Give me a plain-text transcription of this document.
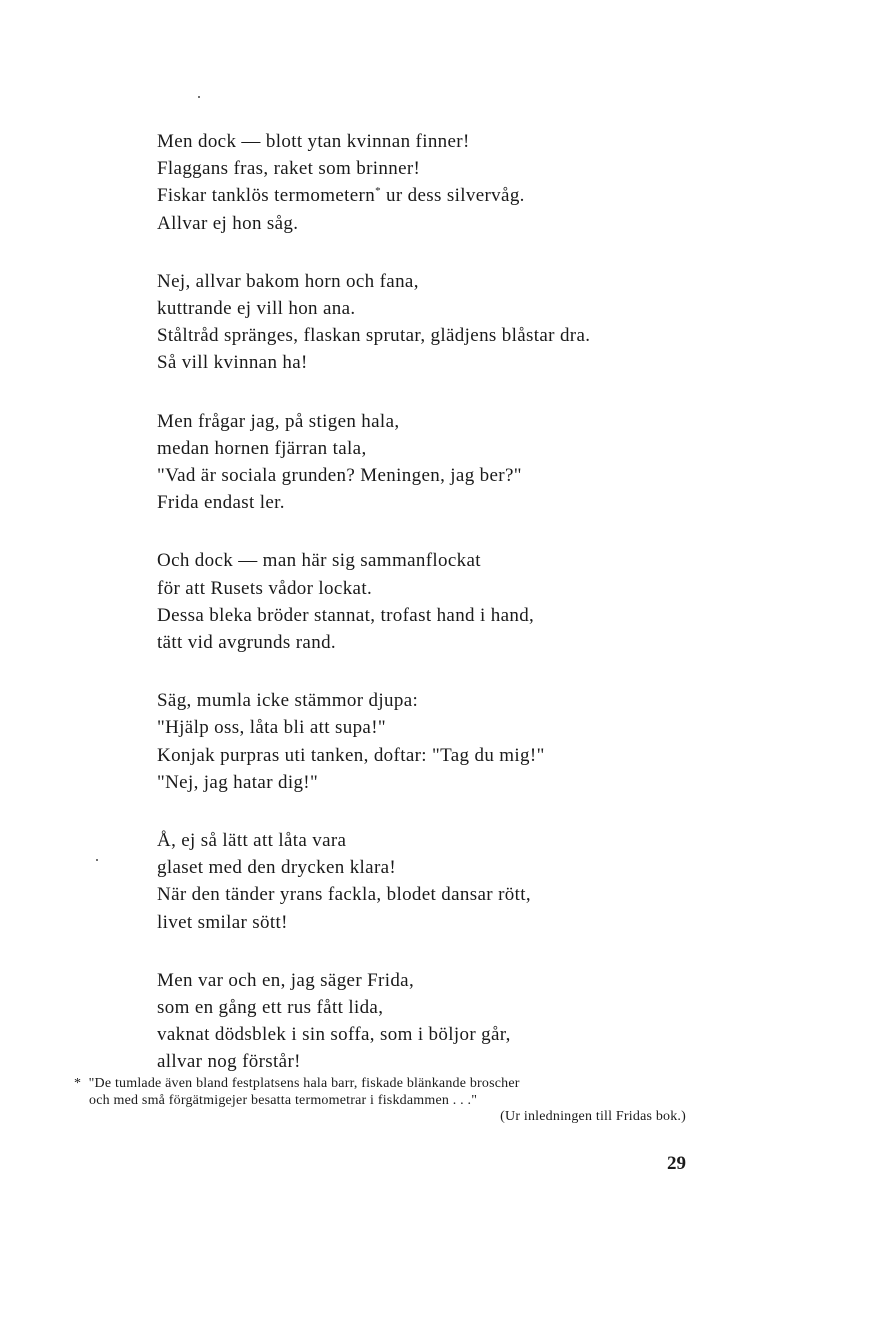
Men dock — blott ytan kvinnan finner!
Flaggans fras, raket som brinner!
Fiskar tanklös termometern* ur dess silvervåg.
Allvar ej hon såg.
Nej, allvar bakom horn och fana,
kuttrande ej vill hon ana.
Ståltråd spränges, flaskan sprutar, glädjens blåstar dra.
Så vill kvinnan ha!
Men frågar jag, på stigen hala,
medan hornen fjärran tala,
"Vad är sociala grunden? Meningen, jag ber?"
Frida endast ler.
Och dock — man här sig sammanflockat
för att Rusets vådor lockat.
Dessa bleka bröder stannat, trofast hand i hand,
tätt vid avgrunds rand.
Säg, mumla icke stämmor djupa:
"Hjälp oss, låta bli att supa!"
Konjak purpras uti tanken, doftar: "Tag du mig!"
"Nej, jag hatar dig!"
Å, ej så lätt att låta vara
glaset med den drycken klara!
När den tänder yrans fackla, blodet dansar rött,
livet smilar sött!
Men var och en, jag säger Frida,
som en gång ett rus fått lida,
vaknat dödsblek i sin soffa, som i böljor går,
allvar nog förstår!
* "De tumlade även bland festplatsens hala barr, fiskade blänkande broscher
och med små förgätmigejer besatta termometrar i fiskdammen . . ."
(Ur inledningen till Fridas bok.)
29
